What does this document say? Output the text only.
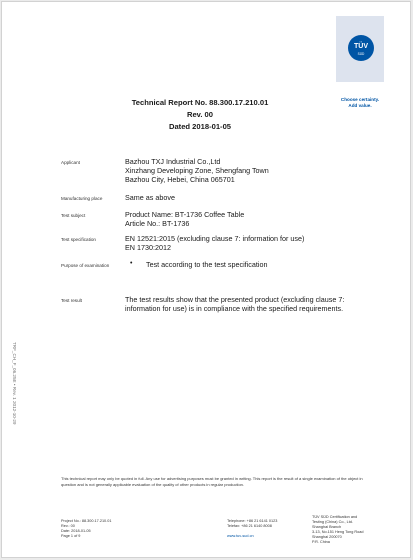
Technical Report No. 88.300.17.210.01
Rev. 00
Dated 2018-01-05
TÜV
SÜD
Choose certainty.
Add value.
Applicant	Bazhou TXJ Industrial Co.,Ltd
Xinzhang Developing Zone, Shengfang Town
Bazhou City, Hebei, China 065701
Manufacturing place	Same as above
Test subject	Product Name: BT-1736 Coffee Table
Article No.: BT-1736
Test specification	EN 12521:2015 (excluding clause 7: information for use)
EN 1730:2012
Purpose of examination	• Test according to the test specification
Test result	The test results show that the presented product (excluding clause 7:
information for use) is in compliance with the specified requirements.
TRF_CH_F_06.25E • Rev. 1 2012-10-29
This technical report may only be quoted in full. Any use for advertising purposes must be granted in writing. This report is the result of a single examination of the object in question and is not generally applicable evaluation of the quality of other products in regular production.
Project No.: 88.300.17.210.01
Rev.: 00
Date: 2018-01-05
Page 1 of 9
Telephone: +86 21 6141 0123
Telefax: +86 21 6140 8008
www.tuv-sud.cn
TÜV SÜD Certification and
Testing (China) Co., Ltd.
Shanghai Branch
3-13, No.151 Heng Tong Road
Shanghai 200070
P.R. China
